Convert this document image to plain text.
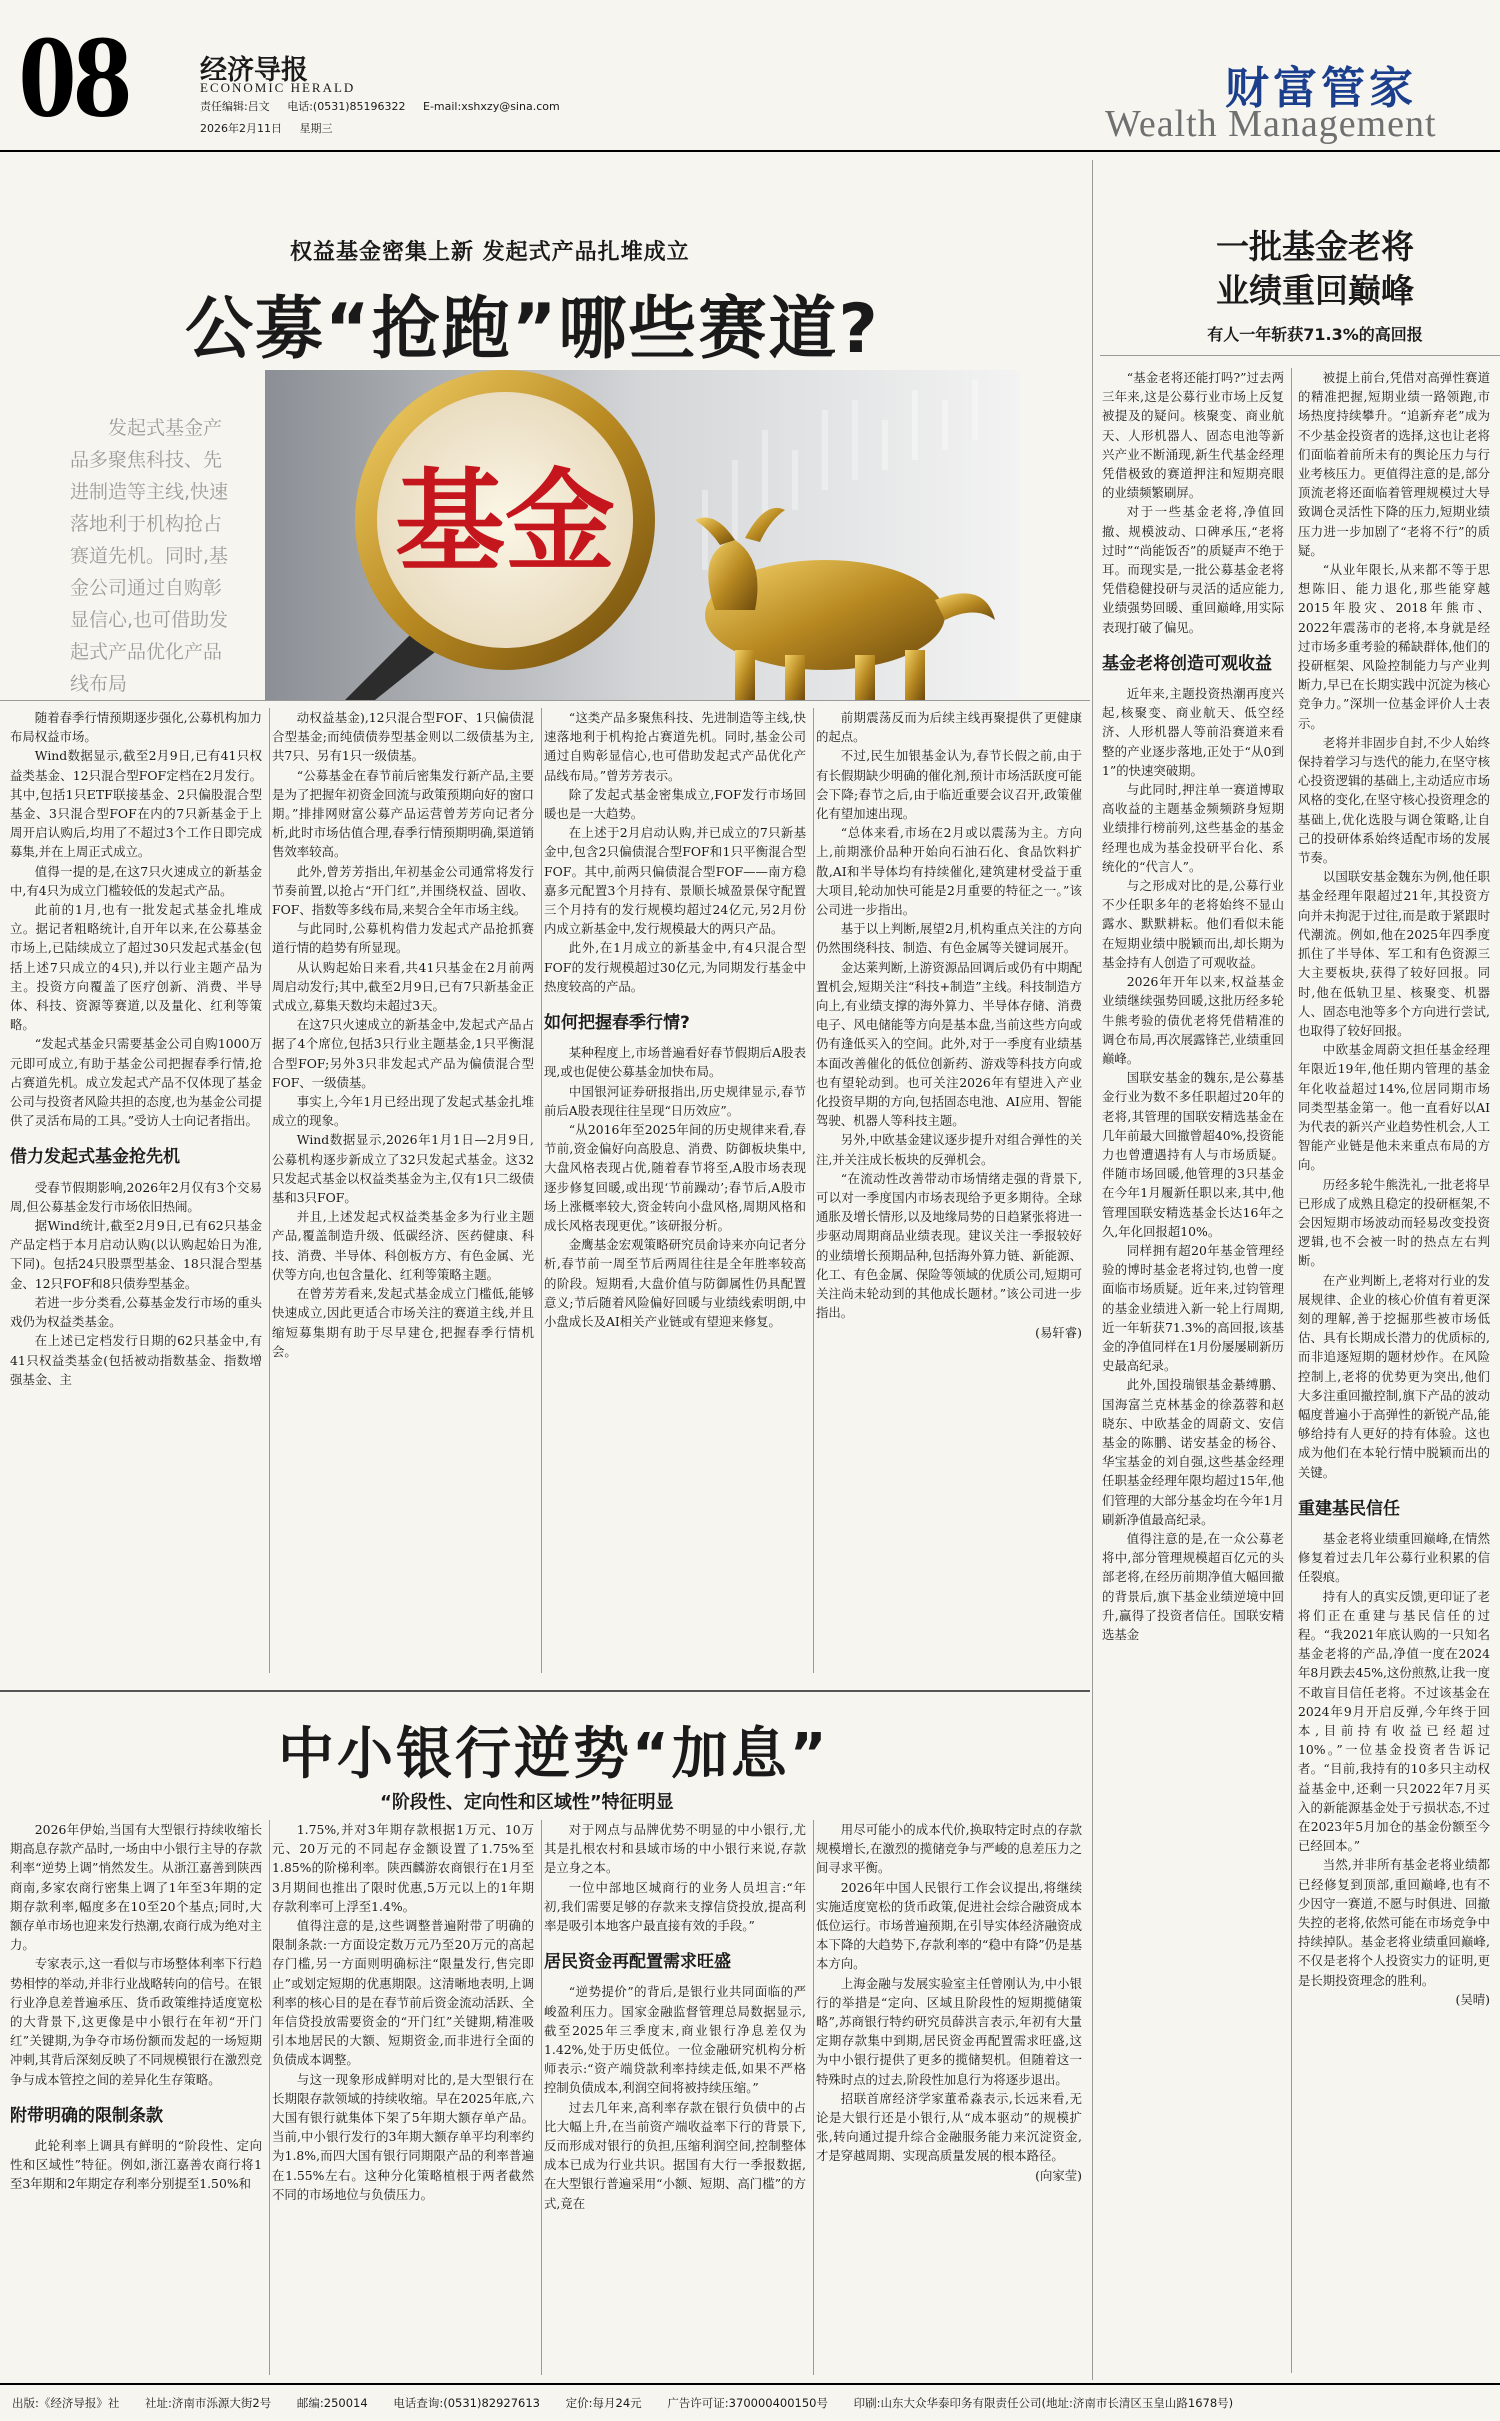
08	经济导报
ECONOMIC HERALD
责任编辑:吕文 电话:(0531)85196322 E-mail:xshxzy@sina.com
2026年2月11日 星期三
财富管家
Wealth Management
权益基金密集上新 发起式产品扎堆成立
公募“抢跑”哪些赛道?

发起式基金产品多聚焦科技、先进制造等主线,快速落地利于机构抢占赛道先机。同时,基金公司通过自购彰显信心,也可借助发起式产品优化产品线布局

基金

随着春季行情预期逐步强化,公募机构加力布局权益市场。

Wind数据显示,截至2月9日,已有41只权益类基金、12只混合型FOF定档在2月发行。其中,包括1只ETF联接基金、2只偏股混合型基金、3只混合型FOF在内的7只新基金于上周开启认购后,均用了不超过3个工作日即完成募集,并在上周正式成立。

值得一提的是,在这7只火速成立的新基金中,有4只为成立门槛较低的发起式产品。

此前的1月,也有一批发起式基金扎堆成立。据记者粗略统计,自开年以来,在公募基金市场上,已陆续成立了超过30只发起式基金(包括上述7只成立的4只),并以行业主题产品为主。投资方向覆盖了医疗创新、消费、半导体、科技、资源等赛道,以及量化、红利等策略。

“发起式基金只需要基金公司自购1000万元即可成立,有助于基金公司把握春季行情,抢占赛道先机。成立发起式产品不仅体现了基金公司与投资者风险共担的态度,也为基金公司提供了灵活布局的工具。”受访人士向记者指出。

借力发起式基金抢先机

受春节假期影响,2026年2月仅有3个交易周,但公募基金发行市场依旧热闹。

据Wind统计,截至2月9日,已有62只基金产品定档于本月启动认购(以认购起始日为准,下同)。包括24只股票型基金、18只混合型基金、12只FOF和8只债券型基金。

若进一步分类看,公募基金发行市场的重头戏仍为权益类基金。

在上述已定档发行日期的62只基金中,有41只权益类基金(包括被动指数基金、指数增强基金、主

动权益基金),12只混合型FOF、1只偏债混合型基金;而纯债债券型基金则以二级债基为主,共7只、另有1只一级债基。

“公募基金在春节前后密集发行新产品,主要是为了把握年初资金回流与政策预期向好的窗口期。”排排网财富公募产品运营曾芳芳向记者分析,此时市场估值合理,春季行情预期明确,渠道销售效率较高。

此外,曾芳芳指出,年初基金公司通常将发行节奏前置,以抢占“开门红”,并围绕权益、固收、FOF、指数等多线布局,来契合全年市场主线。

与此同时,公募机构借力发起式产品抢抓赛道行情的趋势有所显现。

从认购起始日来看,共41只基金在2月前两周启动发行;其中,截至2月9日,已有7只新基金正式成立,募集天数均未超过3天。

在这7只火速成立的新基金中,发起式产品占据了4个席位,包括3只行业主题基金,1只平衡混合型FOF;另外3只非发起式产品为偏债混合型FOF、一级债基。

事实上,今年1月已经出现了发起式基金扎堆成立的现象。

Wind数据显示,2026年1月1日—2月9日,公募机构逐步新成立了32只发起式基金。这32只发起式基金以权益类基金为主,仅有1只二级债基和3只FOF。

并且,上述发起式权益类基金多为行业主题产品,覆盖制造升级、低碳经济、医药健康、科技、消费、半导体、科创板方方、有色金属、光伏等方向,也包含量化、红利等策略主题。

在曾芳芳看来,发起式基金成立门槛低,能够快速成立,因此更适合市场关注的赛道主线,并且缩短募集期有助于尽早建仓,把握春季行情机会。

“这类产品多聚焦科技、先进制造等主线,快速落地利于机构抢占赛道先机。同时,基金公司通过自购彰显信心,也可借助发起式产品优化产品线布局。”曾芳芳表示。

除了发起式基金密集成立,FOF发行市场回暖也是一大趋势。

在上述于2月启动认购,并已成立的7只新基金中,包含2只偏债混合型FOF和1只平衡混合型FOF。其中,前两只偏债混合型FOF——南方稳嘉多元配置3个月持有、景顺长城盈景保守配置三个月持有的发行规模均超过24亿元,另2月份内成立新基金中,发行规模最大的两只产品。

此外,在1月成立的新基金中,有4只混合型FOF的发行规模超过30亿元,为同期发行基金中热度较高的产品。

如何把握春季行情?

某种程度上,市场普遍看好春节假期后A股表现,或也促使公募基金加快布局。

中国银河证券研报指出,历史规律显示,春节前后A股表现往往呈现“日历效应”。

“从2016年至2025年间的历史规律来看,春节前,资金偏好向高股息、消费、防御板块集中,大盘风格表现占优,随着春节将至,A股市场表现逐步修复回暖,或出现‘节前躁动’;春节后,A股市场上涨概率较大,资金转向小盘风格,周期风格和成长风格表现更优。”该研报分析。

金鹰基金宏观策略研究员俞诗来亦向记者分析,春节前一周至节后两周往往是全年胜率较高的阶段。短期看,大盘价值与防御属性仍具配置意义;节后随着风险偏好回暖与业绩线索明朗,中小盘成长及AI相关产业链或有望迎来修复。

前期震荡反而为后续主线再聚提供了更健康的起点。

不过,民生加银基金认为,春节长假之前,由于有长假期缺少明确的催化剂,预计市场活跃度可能会下降;春节之后,由于临近重要会议召开,政策催化有望加速出现。

“总体来看,市场在2月或以震荡为主。方向上,前期涨价品种开始向石油石化、食品饮料扩散,AI和半导体均有持续催化,建筑建材受益于重大项目,轮动加快可能是2月重要的特征之一。”该公司进一步指出。

基于以上判断,展望2月,机构重点关注的方向仍然围绕科技、制造、有色金属等关键词展开。

金达莱判断,上游资源品回调后或仍有中期配置机会,短期关注“科技+制造”主线。科技制造方向上,有业绩支撑的海外算力、半导体存储、消费电子、风电储能等方向是基本盘,当前这些方向或仍有逢低买入的空间。此外,对于一季度有业绩基本面改善催化的低位创新药、游戏等科技方向或也有望轮动到。也可关注2026年有望进入产业化投资早期的方向,包括固态电池、AI应用、智能驾驶、机器人等科技主题。

另外,中欧基金建议逐步提升对组合弹性的关注,并关注成长板块的反弹机会。

“在流动性改善带动市场情绪走强的背景下,可以对一季度国内市场表现给予更多期待。全球通胀及增长情形,以及地缘局势的日趋紧张将进一步驱动周期商品业绩表现。建议关注一季报较好的业绩增长预期品种,包括海外算力链、新能源、化工、有色金属、保险等领域的优质公司,短期可关注尚未轮动到的其他成长题材。”该公司进一步指出。

(易轩睿)

一批基金老将
业绩重回巅峰
有人一年斩获71.3%的高回报

“基金老将还能打吗?”过去两三年来,这是公募行业市场上反复被提及的疑问。核聚变、商业航天、人形机器人、固态电池等新兴产业不断涌现,新生代基金经理凭借极致的赛道押注和短期亮眼的业绩频繁刷屏。

对于一些基金老将,净值回撤、规模波动、口碑承压,“老将过时”“尚能饭否”的质疑声不绝于耳。而现实是,一批公募基金老将凭借稳健投研与灵活的适应能力,业绩强势回暖、重回巅峰,用实际表现打破了偏见。

基金老将创造可观收益

近年来,主题投资热潮再度兴起,核聚变、商业航天、低空经济、人形机器人等前沿赛道来看整的产业逐步落地,正处于“从0到1”的快速突破期。

与此同时,押注单一赛道博取高收益的主题基金频频跻身短期业绩排行榜前列,这些基金的基金经理也成为基金投研平台化、系统化的“代言人”。

与之形成对比的是,公募行业不少任职多年的老将始终不显山露水、默默耕耘。他们看似未能在短期业绩中脱颖而出,却长期为基金持有人创造了可观收益。

2026年开年以来,权益基金业绩继续强势回暖,这批历经多轮牛熊考验的债优老将凭借精准的调仓布局,再次展露锋芒,业绩重回巅峰。

国联安基金的魏东,是公募基金行业为数不多任职超过20年的老将,其管理的国联安精选基金在几年前最大回撤曾超40%,投资能力也曾遭遇持有人与市场质疑。伴随市场回暖,他管理的3只基金在今年1月履新任职以来,其中,他管理国联安精选基金长达16年之久,年化回报超10%。

同样拥有超20年基金管理经验的博时基金老将过钧,也曾一度面临市场质疑。近年来,过钧管理的基金业绩进入新一轮上行周期,近一年斩获71.3%的高回报,该基金的净值同样在1月份屡屡刷新历史最高纪录。

此外,国投瑞银基金綦缚鹏、国海富兰克林基金的徐荔蓉和赵晓东、中欧基金的周蔚文、安信基金的陈鹏、诺安基金的杨谷、华宝基金的刘自强,这些基金经理任职基金经理年限均超过15年,他们管理的大部分基金均在今年1月刷新净值最高纪录。

值得注意的是,在一众公募老将中,部分管理规模超百亿元的头部老将,在经历前期净值大幅回撤的背景后,旗下基金业绩逆境中回升,赢得了投资者信任。国联安精选基金

被提上前台,凭借对高弹性赛道的精准把握,短期业绩一路领跑,市场热度持续攀升。“追新弃老”成为不少基金投资者的选择,这也让老将们面临着前所未有的舆论压力与行业考核压力。更值得注意的是,部分顶流老将还面临着管理规模过大导致调仓灵活性下降的压力,短期业绩压力进一步加剧了“老将不行”的质疑。

“从业年限长,从来都不等于思想陈旧、能力退化,那些能穿越2015年股灾、2018年熊市、2022年震荡市的老将,本身就是经过市场多重考验的稀缺群体,他们的投研框架、风险控制能力与产业判断力,早已在长期实践中沉淀为核心竞争力。”深圳一位基金评价人士表示。

老将并非固步自封,不少人始终保持着学习与迭代的能力,在坚守核心投资逻辑的基础上,主动适应市场风格的变化,在坚守核心投资理念的基础上,优化选股与调仓策略,让自己的投研体系始终适配市场的发展节奏。

以国联安基金魏东为例,他任职基金经理年限超过21年,其投资方向并未拘泥于过往,而是敢于紧跟时代潮流。例如,他在2025年四季度抓住了半导体、军工和有色资源三大主要板块,获得了较好回报。同时,他在低轨卫星、核聚变、机器人、固态电池等多个方向进行尝试,也取得了较好回报。

中欧基金周蔚文担任基金经理年限近19年,他任期内管理的基金年化收益超过14%,位居同期市场同类型基金第一。他一直看好以AI为代表的新兴产业趋势性机会,人工智能产业链是他未来重点布局的方向。

历经多轮牛熊洗礼,一批老将早已形成了成熟且稳定的投研框架,不会因短期市场波动而轻易改变投资逻辑,也不会被一时的热点左右判断。

在产业判断上,老将对行业的发展规律、企业的核心价值有着更深刻的理解,善于挖掘那些被市场低估、具有长期成长潜力的优质标的,而非追逐短期的题材炒作。在风险控制上,老将的优势更为突出,他们大多注重回撤控制,旗下产品的波动幅度普遍小于高弹性的新锐产品,能够给持有人更好的持有体验。这也成为他们在本轮行情中脱颖而出的关键。

重建基民信任

基金老将业绩重回巅峰,在情然修复着过去几年公募行业积累的信任裂痕。

持有人的真实反馈,更印证了老将们正在重建与基民信任的过程。“我2021年底认购的一只知名基金老将的产品,净值一度在2024年8月跌去45%,这份煎熬,让我一度不敢盲目信任老将。不过该基金在2024年9月开启反弹,今年终于回本,目前持有收益已经超过10%。”一位基金投资者告诉记者。“目前,我持有的10多只主动权益基金中,还剩一只2022年7月买入的新能源基金处于亏损状态,不过在2023年5月加仓的基金份额至今已经回本。”

当然,并非所有基金老将业绩都已经修复到顶部,重回巅峰,也有不少因守一赛道,不愿与时俱进、回撤失控的老将,依然可能在市场竞争中持续掉队。基金老将业绩重回巅峰,不仅是老将个人投资实力的证明,更是长期投资理念的胜利。

(吴晴)

中小银行逆势“加息”
“阶段性、定向性和区域性”特征明显

2026年伊始,当国有大型银行持续收缩长期高息存款产品时,一场由中小银行主导的存款利率“逆势上调”悄然发生。从浙江嘉善到陕西商南,多家农商行密集上调了1年至3年期的定期存款利率,幅度多在10至20个基点;同时,大额存单市场也迎来发行热潮,农商行成为绝对主力。

专家表示,这一看似与市场整体利率下行趋势相悖的举动,并非行业战略转向的信号。在银行业净息差普遍承压、货币政策维持适度宽松的大背景下,这更像是中小银行在年初“开门红”关键期,为争夺市场份额而发起的一场短期冲刺,其背后深刻反映了不同规模银行在激烈竞争与成本管控之间的差异化生存策略。

附带明确的限制条款

此轮利率上调具有鲜明的“阶段性、定向性和区域性”特征。例如,浙江嘉善农商行将1至3年期和2年期定存利率分别提至1.50%和

1.75%,并对3年期存款根据1万元、10万元、20万元的不同起存金额设置了1.75%至1.85%的阶梯利率。陕西麟游农商银行在1月至3月期间也推出了限时优惠,5万元以上的1年期存款利率可上浮至1.4%。

值得注意的是,这些调整普遍附带了明确的限制条款:一方面设定数万元乃至20万元的高起存门槛,另一方面则明确标注“限量发行,售完即止”或划定短期的优惠期限。这清晰地表明,上调利率的核心目的是在春节前后资金流动活跃、全年信贷投放需要资金的“开门红”关键期,精准吸引本地居民的大额、短期资金,而非进行全面的负债成本调整。

与这一现象形成鲜明对比的,是大型银行在长期限存款领域的持续收缩。早在2025年底,六大国有银行就集体下架了5年期大额存单产品。当前,中小银行发行的3年期大额存单平均利率约为1.8%,而四大国有银行同期限产品的利率普遍在1.55%左右。这种分化策略植根于两者截然不同的市场地位与负债压力。

对于网点与品牌优势不明显的中小银行,尤其是扎根农村和县域市场的中小银行来说,存款是立身之本。

一位中部地区城商行的业务人员坦言:“年初,我们需要足够的存款来支撑信贷投放,提高利率是吸引本地客户最直接有效的手段。”

居民资金再配置需求旺盛

“逆势提价”的背后,是银行业共同面临的严峻盈利压力。国家金融监督管理总局数据显示,截至2025年三季度末,商业银行净息差仅为1.42%,处于历史低位。一位金融研究机构分析师表示:“资产端贷款利率持续走低,如果不严格控制负债成本,利润空间将被持续压缩。”

过去几年来,高利率存款在银行负债中的占比大幅上升,在当前资产端收益率下行的背景下,反而形成对银行的负担,压缩利润空间,控制整体成本已成为行业共识。据国有大行一季报数据,在大型银行普遍采用“小额、短期、高门槛”的方式,竟在

用尽可能小的成本代价,换取特定时点的存款规模增长,在激烈的揽储竞争与严峻的息差压力之间寻求平衡。

2026年中国人民银行工作会议提出,将继续实施适度宽松的货币政策,促进社会综合融资成本低位运行。市场普遍预期,在引导实体经济融资成本下降的大趋势下,存款利率的“稳中有降”仍是基本方向。

上海金融与发展实验室主任曾刚认为,中小银行的举措是“定向、区域且阶段性的短期揽储策略”,苏商银行特约研究员薛洪言表示,年初有大量定期存款集中到期,居民资金再配置需求旺盛,这为中小银行提供了更多的揽储契机。但随着这一特殊时点的过去,阶段性加息行为将逐步退出。

招联首席经济学家董希淼表示,长远来看,无论是大银行还是小银行,从“成本驱动”的规模扩张,转向通过提升综合金融服务能力来沉淀资金,才是穿越周期、实现高质量发展的根本路径。

(向家莹)

出版:《经济导报》社 社址:济南市泺源大街2号 邮编:250014 电话查询:(0531)82927613 定价:每月24元 广告许可证:370000400150号 印刷:山东大众华泰印务有限责任公司(地址:济南市长清区玉皇山路1678号)
